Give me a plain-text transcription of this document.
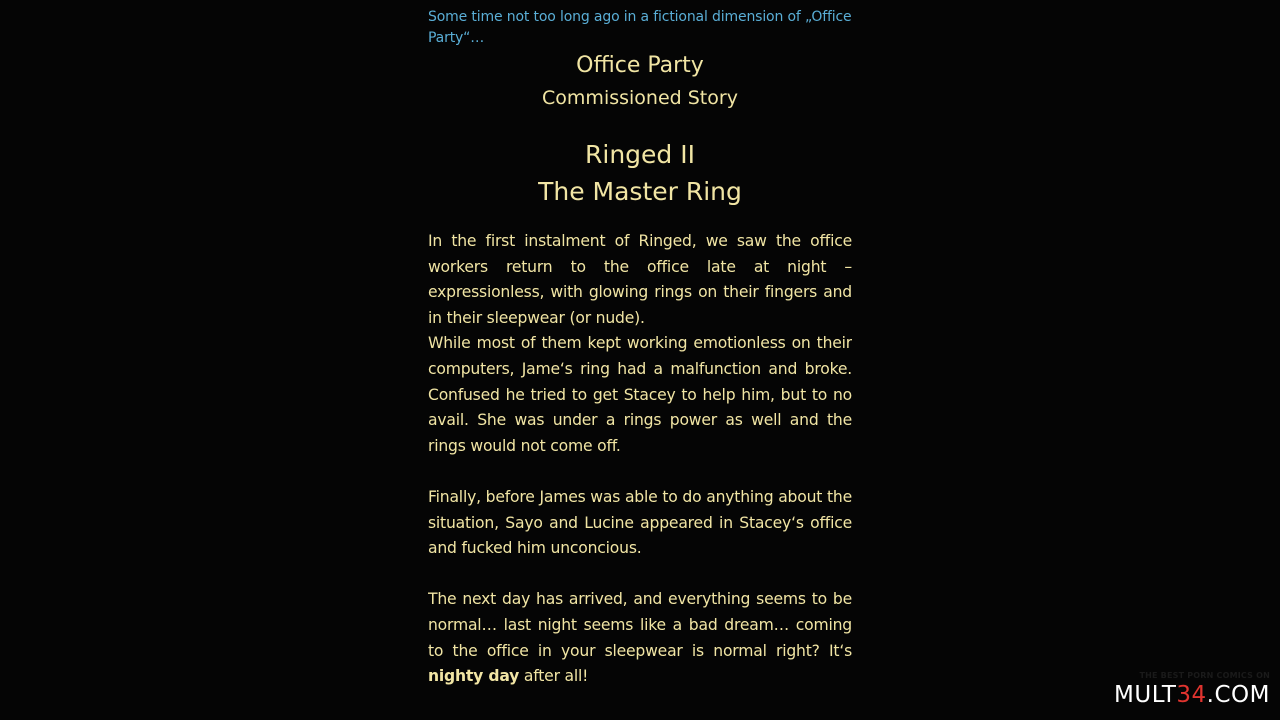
Some time not too long ago in a fictional dimension of „Office Party“…
Office Party
Commissioned Story
Ringed II
The Master Ring

In the first instalment of Ringed, we saw the office workers return to the office late at night – expressionless, with glowing rings on their fingers and in their sleepwear (or nude).

While most of them kept working emotionless on their computers, Jame‘s ring had a malfunction and broke. Confused he tried to get Stacey to help him, but to no avail. She was under a rings power as well and the rings would not come off.

Finally, before James was able to do anything about the situation, Sayo and Lucine appeared in Stacey‘s office and fucked him unconcious.

The next day has arrived, and everything seems to be normal… last night seems like a bad dream… coming to the office in your sleepwear is normal right? It‘s nighty day after all!	THE BEST PORN COMICS ON
MULT34.COM
